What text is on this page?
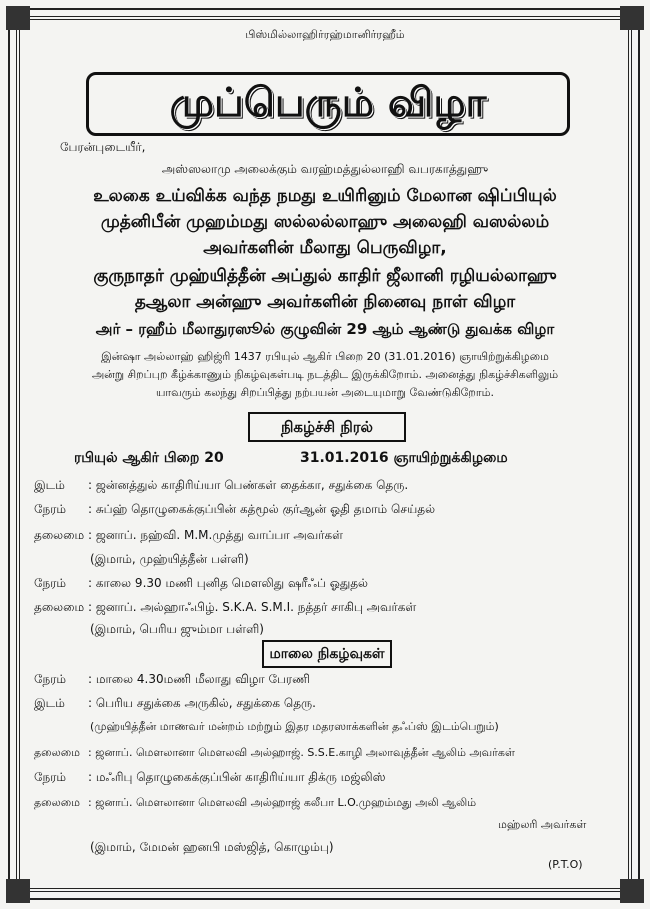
பிஸ்மில்லாஹிர்ரஹ்மானிர்ரஹீம்
முப்பெரும் விழா
பேரன்புடையீர்,
அஸ்ஸலாமு அலைக்கும் வரஹ்மத்துல்லாஹி வபரகாத்துஹு
உலகை உய்விக்க வந்த நமது உயிரினும் மேலான ஷிப்பியுல்
முத்னிபீன் முஹம்மது ஸல்லல்லாஹு அலைஹி வஸல்லம்
அவர்களின் மீலாது பெருவிழா,
குருநாதர் முஹ்யித்தீன் அப்துல் காதிர் ஜீலானி ரழியல்லாஹு
தஆலா அன்ஹு அவர்களின் நினைவு நாள் விழா
அர் – ரஹீம் மீலாதுரஸூல் குழுவின் 29 ஆம் ஆண்டு துவக்க விழா
இன்ஷா அல்லாஹ் ஹிஜ்ரி 1437 ரபியுல் ஆகிர் பிறை 20 (31.01.2016) ஞாயிற்றுக்கிழமை
அன்று சிறப்புற கீழ்க்காணும் நிகழ்வுகள்படி நடத்திட இருக்கிறோம். அனைத்து நிகழ்ச்சிகளிலும்
யாவரும் கலந்து சிறப்பித்து நற்பயன் அடையுமாறு வேண்டுகிறோம்.
நிகழ்ச்சி நிரல்
ரபியுல் ஆகிர் பிறை 20	31.01.2016 ஞாயிற்றுக்கிழமை
இடம் : ஜன்னத்துல் காதிரிய்யா பெண்கள் தைக்கா, சதுக்கை தெரு.
நேரம் : சுப்ஹ் தொழுகைக்குப்பின் கத்மூல் குர்ஆன் ஓதி தமாம் செய்தல்
தலைமை : ஜனாப். நஹ்வி. M.M.முத்து வாப்பா அவர்கள்
(இமாம், முஹ்யித்தீன் பள்ளி)
நேரம் : காலை 9.30 மணி புனித மௌலிது ஷரீஃப் ஓதுதல்
தலைமை : ஜனாப். அல்ஹாஃபிழ். S.K.A. S.M.I. நத்தர் சாகிபு அவர்கள்
(இமாம், பெரிய ஜும்மா பள்ளி)
மாலை நிகழ்வுகள்
நேரம் : மாலை 4.30மணி மீலாது விழா பேரணி
இடம் : பெரிய சதுக்கை அருகில், சதுக்கை தெரு.
(முஹ்யித்தீன் மாணவர் மன்றம் மற்றும் இதர மதரஸாக்களின் தஃப்ஸ் இடம்பெறும்)
தலைமை : ஜனாப். மௌலானா மௌலவி அல்ஹாஜ். S.S.E.காழி அலாவுத்தீன் ஆலிம் அவர்கள்
நேரம் : மஃரிபு தொழுகைக்குப்பின் காதிரிய்யா திக்ரு மஜ்லிஸ்
தலைமை : ஜனாப். மௌலானா மௌலவி அல்ஹாஜ் கலீபா L.O.முஹம்மது அலி ஆலிம்
மஹ்லரி அவர்கள்
(இமாம், மேமன் ஹனபி மஸ்ஜித், கொழும்பு)
(P.T.O)
